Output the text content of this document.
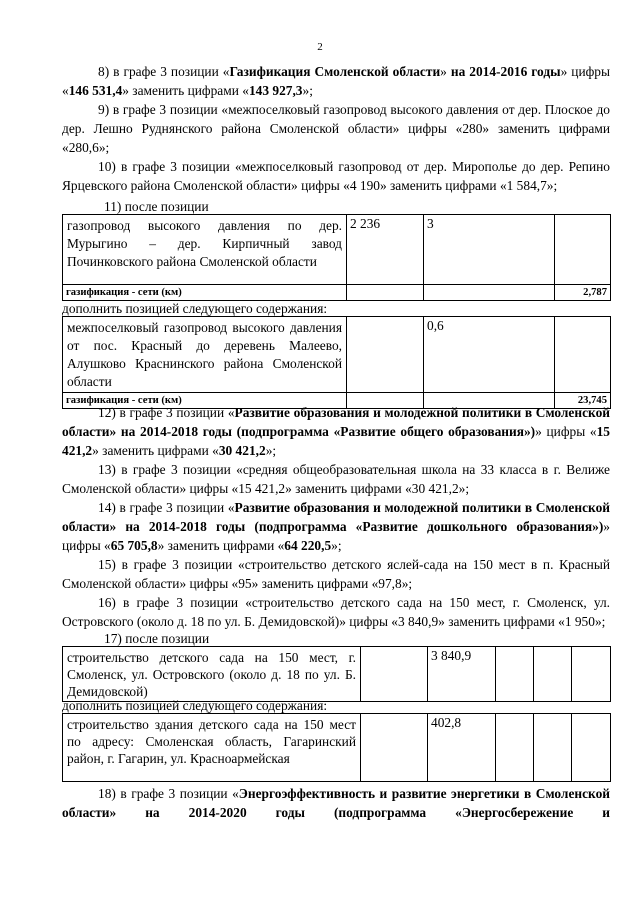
2
8) в графе 3 позиции «Газификация Смоленской области» на 2014-2016 годы» цифры «146 531,4» заменить цифрами «143 927,3»;
9) в графе 3 позиции «межпоселковый газопровод высокого давления от дер. Плоское до дер. Лешно Руднянского района Смоленской области» цифры «280» заменить цифрами «280,6»;
10) в графе 3 позиции «межпоселковый газопровод от дер. Мирополье до дер. Репино Ярцевского района Смоленской области» цифры «4 190» заменить цифрами «1 584,7»;
11) после позиции
газопровод высокого давления по дер. Мурыгино – дер. Кирпичный завод Починковского района Смоленской области	2 236	3	
газификация - сети (км)			2,787
дополнить позицией следующего содержания:
межпоселковый газопровод высокого давления от пос. Красный до деревень Малеево, Алушково Краснинского района Смоленской области		0,6	
газификация - сети (км)			23,745
12) в графе 3 позиции «Развитие образования и молодежной политики в Смоленской области» на 2014-2018 годы (подпрограмма «Развитие общего образования»)» цифры «15 421,2» заменить цифрами «30 421,2»;
13) в графе 3 позиции «средняя общеобразовательная школа на 33 класса в г. Велиже Смоленской области» цифры «15 421,2» заменить цифрами «30 421,2»;
14) в графе 3 позиции «Развитие образования и молодежной политики в Смоленской области» на 2014-2018 годы (подпрограмма «Развитие дошкольного образования»)» цифры «65 705,8» заменить цифрами «64 220,5»;
15) в графе 3 позиции «строительство детского яслей-сада на 150 мест в п. Красный Смоленской области» цифры «95» заменить цифрами «97,8»;
16) в графе 3 позиции «строительство детского сада на 150 мест, г. Смоленск, ул. Островского (около д. 18 по ул. Б. Демидовской)» цифры «3 840,9» заменить цифрами «1 950»;
17) после позиции
строительство детского сада на 150 мест, г. Смоленск, ул. Островского (около д. 18 по ул. Б. Демидовской)		3 840,9			
дополнить позицией следующего содержания:
строительство здания детского сада на 150 мест по адресу: Смоленская область, Гагаринский район, г. Гагарин, ул. Красноармейская		402,8			
18) в графе 3 позиции «Энергоэффективность и развитие энергетики в Смоленской области» на 2014-2020 годы (подпрограмма «Энергосбережение и
